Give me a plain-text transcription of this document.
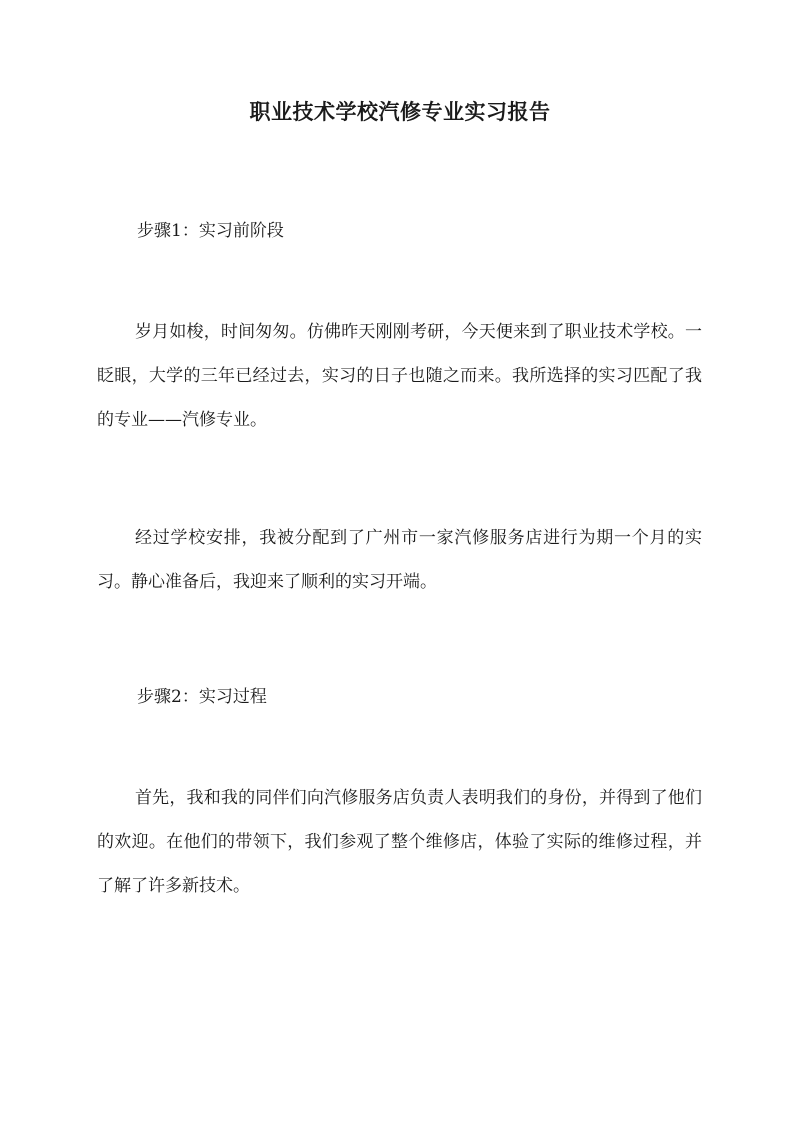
职业技术学校汽修专业实习报告

步骤1：实习前阶段

岁月如梭，时间匆匆。仿佛昨天刚刚考研，今天便来到了职业技术学校。一眨眼，大学的三年已经过去，实习的日子也随之而来。我所选择的实习匹配了我的专业——汽修专业。

经过学校安排，我被分配到了广州市一家汽修服务店进行为期一个月的实习。静心准备后，我迎来了顺利的实习开端。

步骤2：实习过程

首先，我和我的同伴们向汽修服务店负责人表明我们的身份，并得到了他们的欢迎。在他们的带领下，我们参观了整个维修店，体验了实际的维修过程，并了解了许多新技术。
